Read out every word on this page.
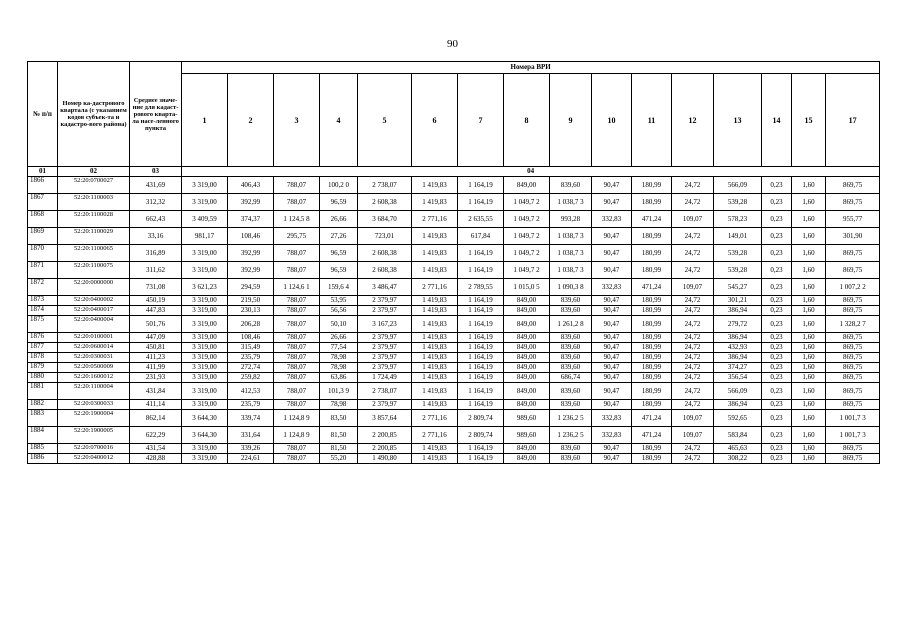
90
№ п/п	Номер ка-дастрового квартала (с указанием кодов субъек-та и кадастро-вого района)	Среднее значе-ние для кадаст-рового кварта-ла насе-ленного пункта	Номера ВРИ															
			1	2	3	4	5	6	7	8	9	10	11	12	13	14	15	17
01	02	03	04															
1866	52:20:0700027	431,69	3 319,00	406,43	788,07	100,2 0	2 738,07	1 419,83	1 164,19	849,00	839,60	90,47	180,99	24,72	566,09	0,23	1,60	869,75
1867	52:20:1100003	312,32	3 319,00	392,99	788,07	96,59	2 608,38	1 419,83	1 164,19	1 049,7 2	1 038,7 3	90,47	180,99	24,72	539,28	0,23	1,60	869,75
1868	52:20:1100028	662,43	3 409,59	374,37	1 124,5 8	26,66	3 684,70	2 771,16	2 635,55	1 049,7 2	993,28	332,83	471,24	109,07	578,23	0,23	1,60	955,77
1869	52:20:1100029	33,16	981,17	108,46	295,75	27,26	723,01	1 419,83	617,84	1 049,7 2	1 038,7 3	90,47	180,99	24,72	149,01	0,23	1,60	301,90
1870	52:20:1100065	316,89	3 319,00	392,99	788,07	96,59	2 608,38	1 419,83	1 164,19	1 049,7 2	1 038,7 3	90,47	180,99	24,72	539,28	0,23	1,60	869,75
1871	52:20:1100075	311,62	3 319,00	392,99	788,07	96,59	2 608,38	1 419,83	1 164,19	1 049,7 2	1 038,7 3	90,47	180,99	24,72	539,28	0,23	1,60	869,75
1872	52:20:0000000	731,08	3 621,23	294,59	1 124,6 1	159,6 4	3 486,47	2 771,16	2 789,55	1 015,0 5	1 090,3 8	332,83	471,24	109,07	545,27	0,23	1,60	1 007,2 2
1873	52:20:0400002	450,19	3 319,00	219,50	788,07	53,95	2 379,97	1 419,83	1 164,19	849,00	839,60	90,47	180,99	24,72	301,21	0,23	1,60	869,75
1874	52:20:0400017	447,83	3 319,00	230,13	788,07	56,56	2 379,97	1 419,83	1 164,19	849,00	839,60	90,47	180,99	24,72	386,94	0,23	1,60	869,75
1875	52:20:0400004	501,76	3 319,00	206,28	788,07	50,10	3 167,23	1 419,83	1 164,19	849,00	1 261,2 8	90,47	180,99	24,72	279,72	0,23	1,60	1 328,2 7
1876	52:20:0100001	447,09	3 319,00	108,46	788,07	26,66	2 379,97	1 419,83	1 164,19	849,00	839,60	90,47	180,99	24,72	386,94	0,23	1,60	869,75
1877	52:20:0600014	450,81	3 319,00	315,49	788,07	77,54	2 379,97	1 419,83	1 164,19	849,00	839,60	90,47	180,99	24,72	432,93	0,23	1,60	869,75
1878	52:20:0300031	411,23	3 319,00	235,79	788,07	78,98	2 379,97	1 419,83	1 164,19	849,00	839,60	90,47	180,99	24,72	386,94	0,23	1,60	869,75
1879	52:20:0500009	411,99	3 319,00	272,74	788,07	78,98	2 379,97	1 419,83	1 164,19	849,00	839,60	90,47	180,99	24,72	374,27	0,23	1,60	869,75
1880	52:20:1600012	231,93	3 319,00	259,82	788,07	63,86	1 724,49	1 419,83	1 164,19	849,00	686,74	90,47	180,99	24,72	356,54	0,23	1,60	869,75
1881	52:20:1100004	431,84	3 319,00	412,53	788,07	101,3 9	2 738,07	1 419,83	1 164,19	849,00	839,60	90,47	180,99	24,72	566,09	0,23	1,60	869,75
1882	52:20:0300033	411,14	3 319,00	235,79	788,07	78,98	2 379,97	1 419,83	1 164,19	849,00	839,60	90,47	180,99	24,72	386,94	0,23	1,60	869,75
1883	52:20:1900004	862,14	3 644,30	339,74	1 124,8 9	83,50	3 857,64	2 771,16	2 809,74	989,60	1 236,2 5	332,83	471,24	109,07	592,65	0,23	1,60	1 001,7 3
1884	52:20:1900005	622,29	3 644,30	331,64	1 124,8 9	81,50	2 200,85	2 771,16	2 809,74	989,60	1 236,2 5	332,83	471,24	109,07	583,84	0,23	1,60	1 001,7 3
1885	52:20:0700016	431,54	3 319,00	339,26	788,07	81,50	2 200,85	1 419,83	1 164,19	849,00	839,60	90,47	180,99	24,72	465,63	0,23	1,60	869,75
1886	52:20:0400012	428,88	3 319,00	224,61	788,07	55,20	1 490,80	1 419,83	1 164,19	849,00	839,60	90,47	180,99	24,72	308,22	0,23	1,60	869,75
